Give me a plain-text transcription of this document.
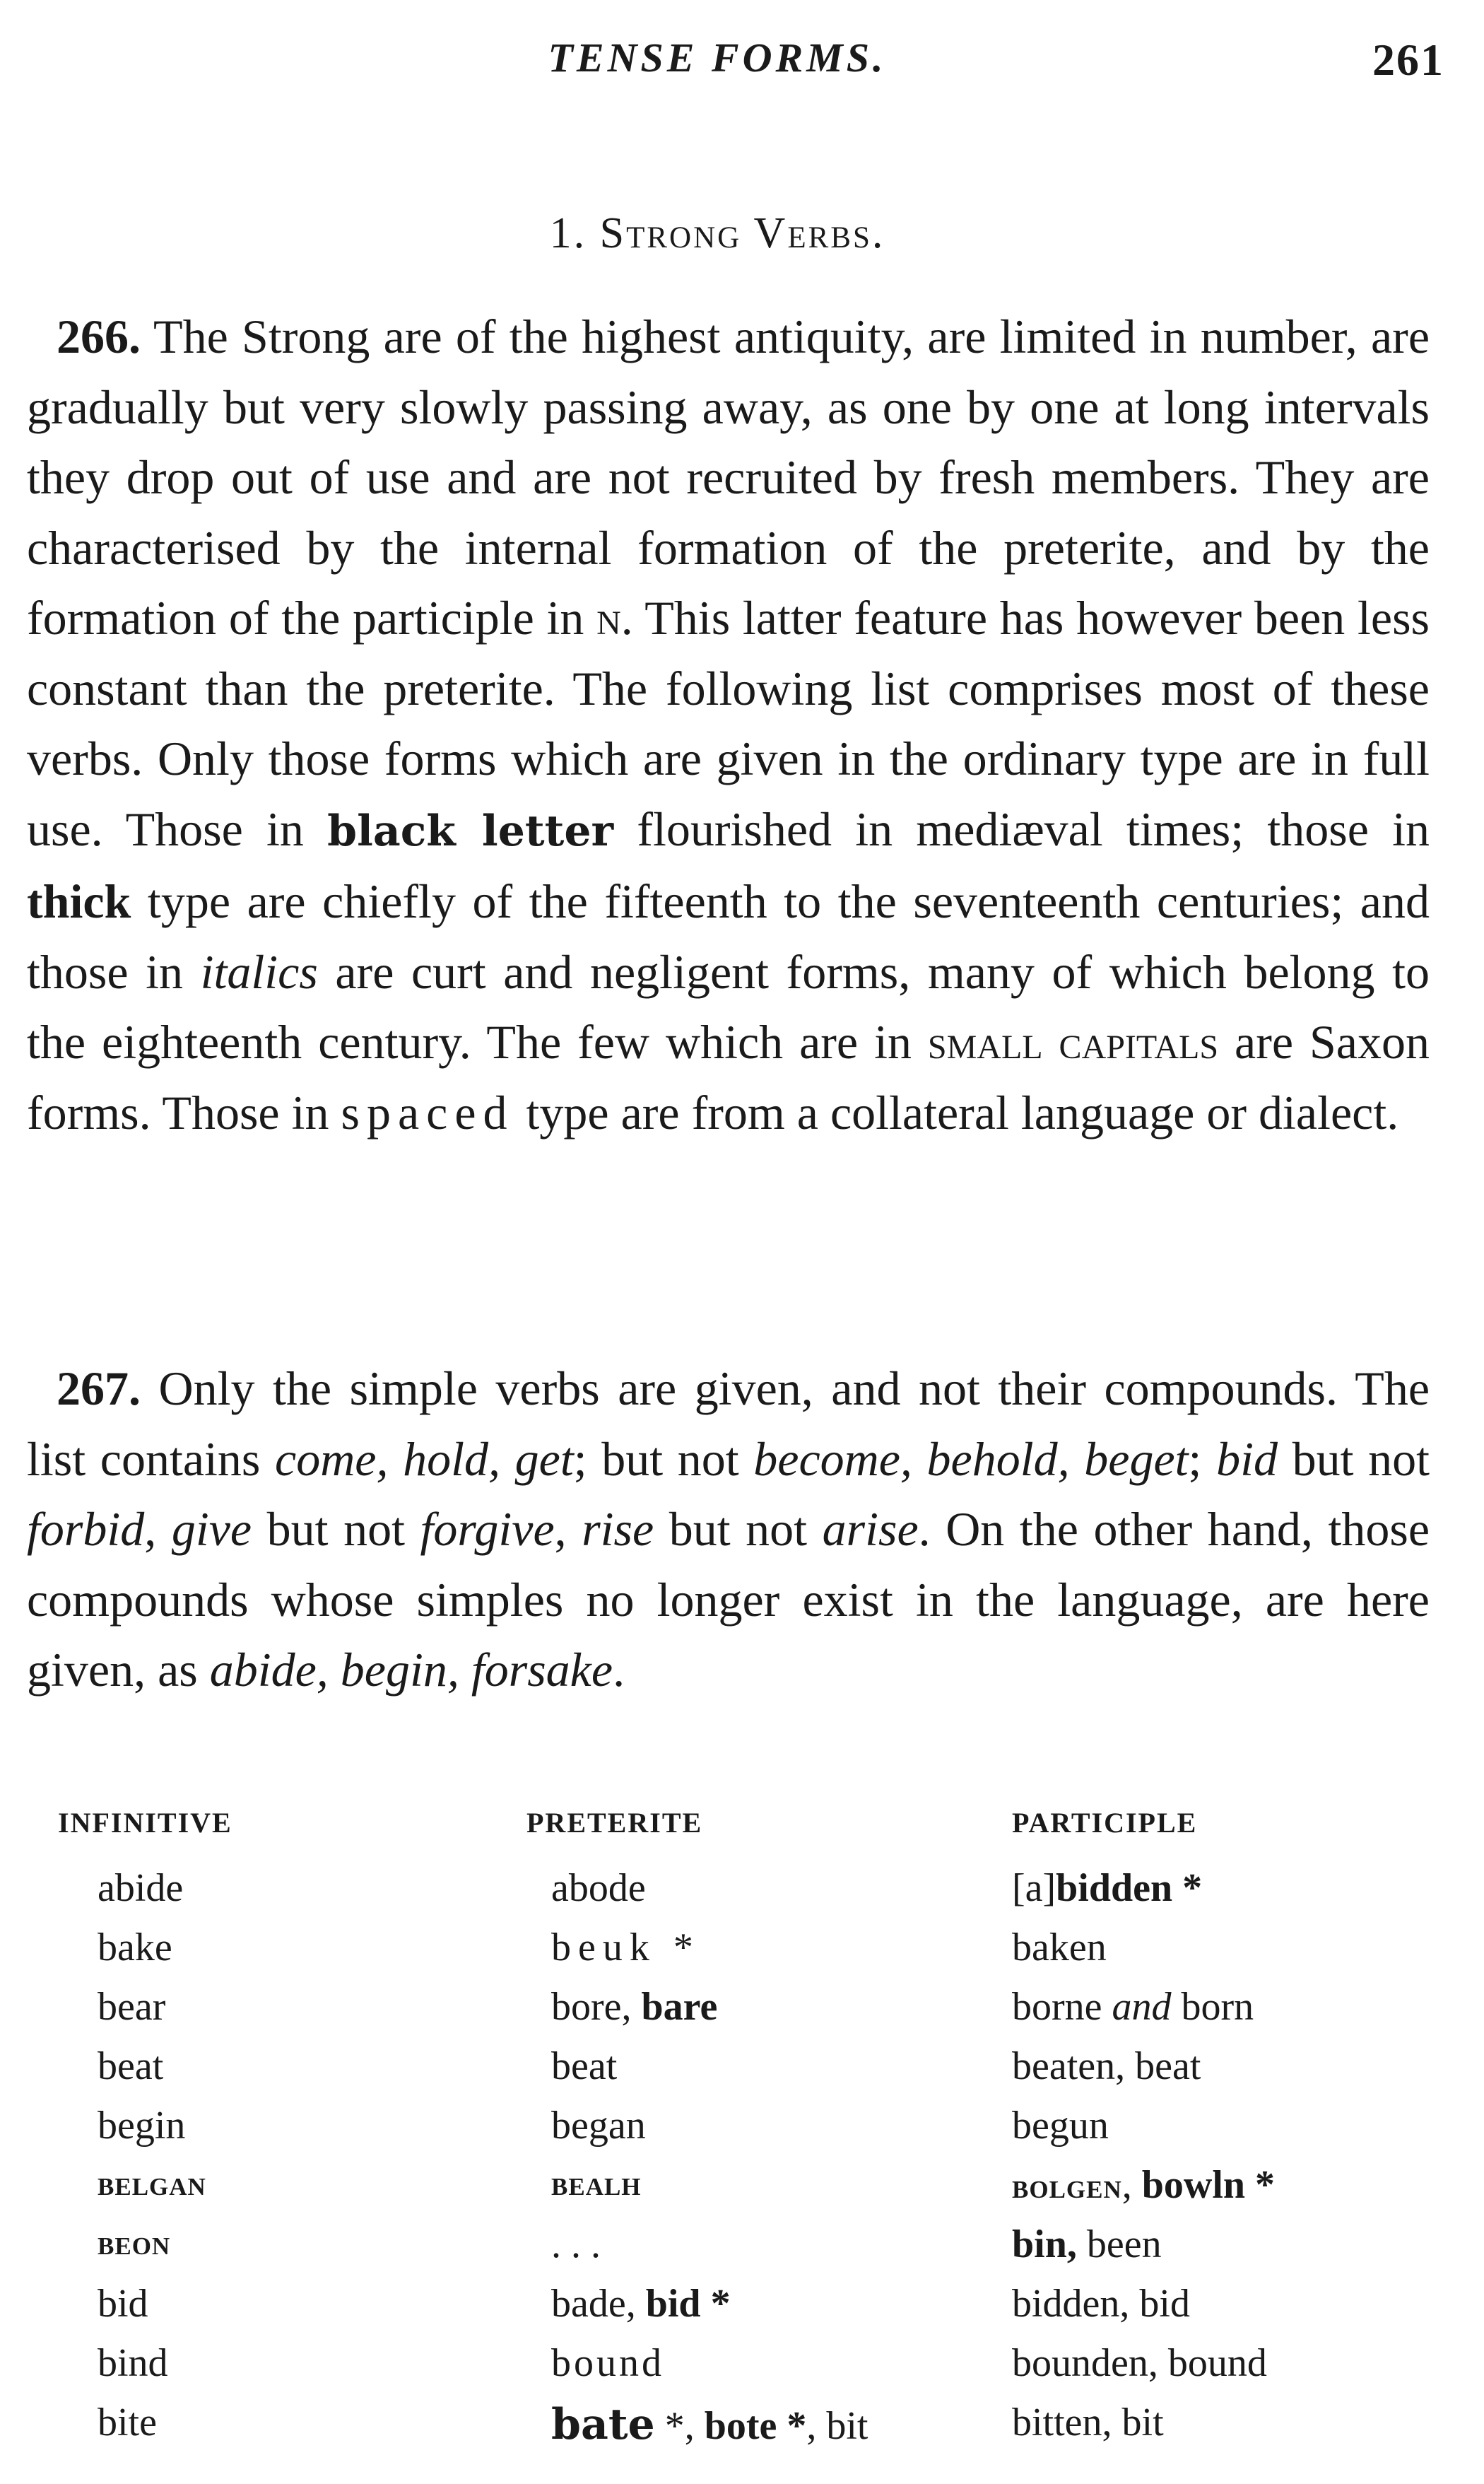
TENSE FORMS.	261
1. Strong Verbs.

266. The Strong are of the highest antiquity, are limited in number, are gradually but very slowly passing away, as one by one at long intervals they drop out of use and are not recruited by fresh members. They are characterised by the internal formation of the preterite, and by the formation of the participle in n. This latter feature has however been less constant than the preterite. The following list comprises most of these verbs. Only those forms which are given in the ordinary type are in full use. Those in black letter flourished in mediæval times; those in thick type are chiefly of the fifteenth to the seventeenth centuries; and those in italics are curt and negligent forms, many of which belong to the eighteenth century. The few which are in small capitals are Saxon forms. Those in spaced type are from a collateral language or dialect.

267. Only the simple verbs are given, and not their compounds. The list contains come, hold, get; but not become, behold, beget; bid but not forbid, give but not forgive, rise but not arise. On the other hand, those compounds whose simples no longer exist in the language, are here given, as abide, begin, forsake.

INFINITIVE	PRETERITE	PARTICIPLE
abide	abode	[a]bidden *
bake	beuk *	baken
bear	bore, bare	borne and born
beat	beat	beaten, beat
begin	began	begun
belgan	bealh	bolgen, bowln *
beon	. . .	bin, been
bid	bade, bid *	bidden, bid
bind	bound	bounden, bound
bite	bate *, bote *, bit	bitten, bit
